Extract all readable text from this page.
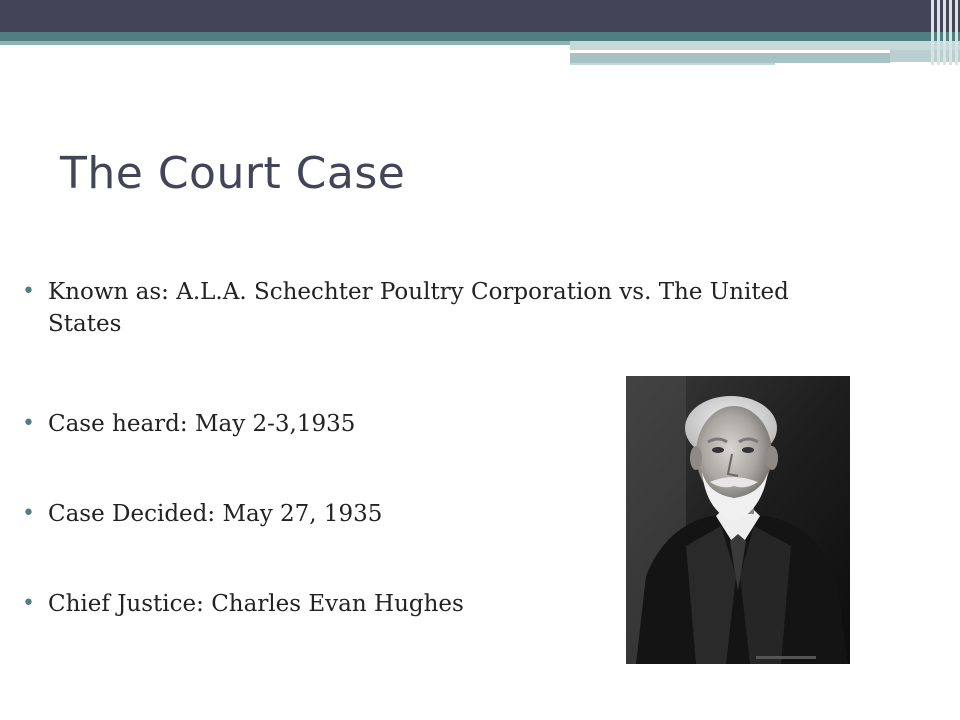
The Court Case
• Known as: A.L.A. Schechter Poultry Corporation vs. The United States
• Case heard: May 2-3,1935
• Case Decided: May 27, 1935
• Chief Justice: Charles Evan Hughes
